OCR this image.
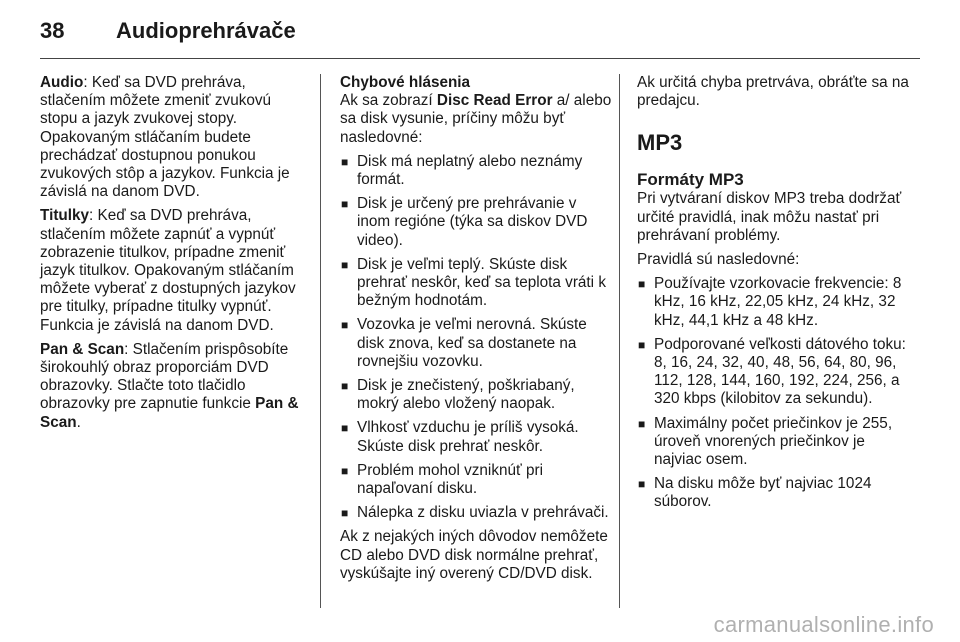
38	Audioprehrávače

Audio: Keď sa DVD prehráva, stlačením môžete zmeniť zvukovú stopu a jazyk zvukovej stopy. Opakovaným stláčaním budete prechádzať dostupnou ponukou zvukových stôp a jazykov. Funkcia je závislá na danom DVD.

Titulky: Keď sa DVD prehráva, stlačením môžete zapnúť a vypnúť zobrazenie titulkov, prípadne zmeniť jazyk titulkov. Opakovaným stláčaním môžete vyberať z dostupných jazykov pre titulky, prípadne titulky vypnúť. Funkcia je závislá na danom DVD.

Pan & Scan: Stlačením prispôsobíte širokouhlý obraz proporciám DVD obrazovky. Stlačte toto tlačidlo obrazovky pre zapnutie funkcie Pan & Scan.

Chybové hlásenia

Ak sa zobrazí Disc Read Error a/ alebo sa disk vysunie, príčiny môžu byť nasledovné:

■ Disk má neplatný alebo neznámy formát.
■ Disk je určený pre prehrávanie v inom regióne (týka sa diskov DVD video).
■ Disk je veľmi teplý. Skúste disk prehrať neskôr, keď sa teplota vráti k bežným hodnotám.
■ Vozovka je veľmi nerovná. Skúste disk znova, keď sa dostanete na rovnejšiu vozovku.
■ Disk je znečistený, poškriabaný, mokrý alebo vložený naopak.
■ Vlhkosť vzduchu je príliš vysoká. Skúste disk prehrať neskôr.
■ Problém mohol vzniknúť pri napaľovaní disku.
■ Nálepka z disku uviazla v prehrávači.

Ak z nejakých iných dôvodov nemôžete CD alebo DVD disk normálne prehrať, vyskúšajte iný overený CD/DVD disk.

Ak určitá chyba pretrváva, obráťte sa na predajcu.

MP3
Formáty MP3

Pri vytváraní diskov MP3 treba dodržať určité pravidlá, inak môžu nastať pri prehrávaní problémy.

Pravidlá sú nasledovné:

■ Používajte vzorkovacie frekvencie: 8 kHz, 16 kHz, 22,05 kHz, 24 kHz, 32 kHz, 44,1 kHz a 48 kHz.
■ Podporované veľkosti dátového toku: 8, 16, 24, 32, 40, 48, 56, 64, 80, 96, 112, 128, 144, 160, 192, 224, 256, a 320 kbps (kilobitov za sekundu).
■ Maximálny počet priečinkov je 255, úroveň vnorených priečinkov je najviac osem.
■ Na disku môže byť najviac 1024 súborov.
carmanualsonline.info
